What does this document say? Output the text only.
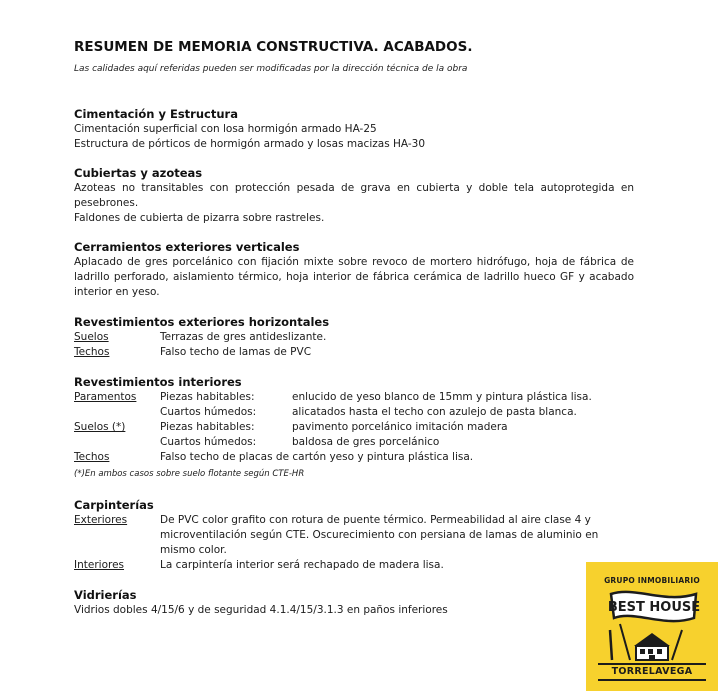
RESUMEN DE MEMORIA CONSTRUCTIVA. ACABADOS.
Las calidades aquí referidas pueden ser modificadas por la dirección técnica de la obra
Cimentación y Estructura
Cimentación superficial con losa hormigón armado HA-25
Estructura de pórticos de hormigón armado y losas macizas HA-30
Cubiertas y azoteas
Azoteas no transitables con protección pesada de grava en cubierta y doble tela autoprotegida en pesebrones.
Faldones de cubierta de pizarra sobre rastreles.
Cerramientos exteriores verticales
Aplacado de gres porcelánico con fijación mixte sobre revoco de mortero hidrófugo, hoja de fábrica de ladrillo perforado, aislamiento térmico, hoja interior de fábrica cerámica de ladrillo hueco GF y acabado interior en yeso.
Revestimientos exteriores horizontales
Suelos	Terrazas de gres antideslizante.
Techos	Falso techo de lamas de PVC
Revestimientos interiores
Paramentos	Piezas habitables:	enlucido de yeso blanco de 15mm y pintura plástica lisa.
Cuartos húmedos:	alicatados hasta el techo con azulejo de pasta blanca.
Suelos (*)	Piezas habitables:	pavimento porcelánico imitación madera
Cuartos húmedos:	baldosa de gres porcelánico
Techos	Falso techo de placas de cartón yeso y pintura plástica lisa.
(*)En ambos casos sobre suelo flotante según CTE-HR
Carpinterías
Exteriores	De PVC color grafito con rotura de puente térmico. Permeabilidad al aire clase 4 y microventilación según CTE. Oscurecimiento con persiana de lamas de aluminio en mismo color.
Interiores	La carpintería interior será rechapado de madera lisa.
Vidrierías
Vidrios dobles 4/15/6 y de seguridad 4.1.4/15/3.1.3 en paños inferiores
GRUPO INMOBILIARIO
BEST HOUSE
TORRELAVEGA
